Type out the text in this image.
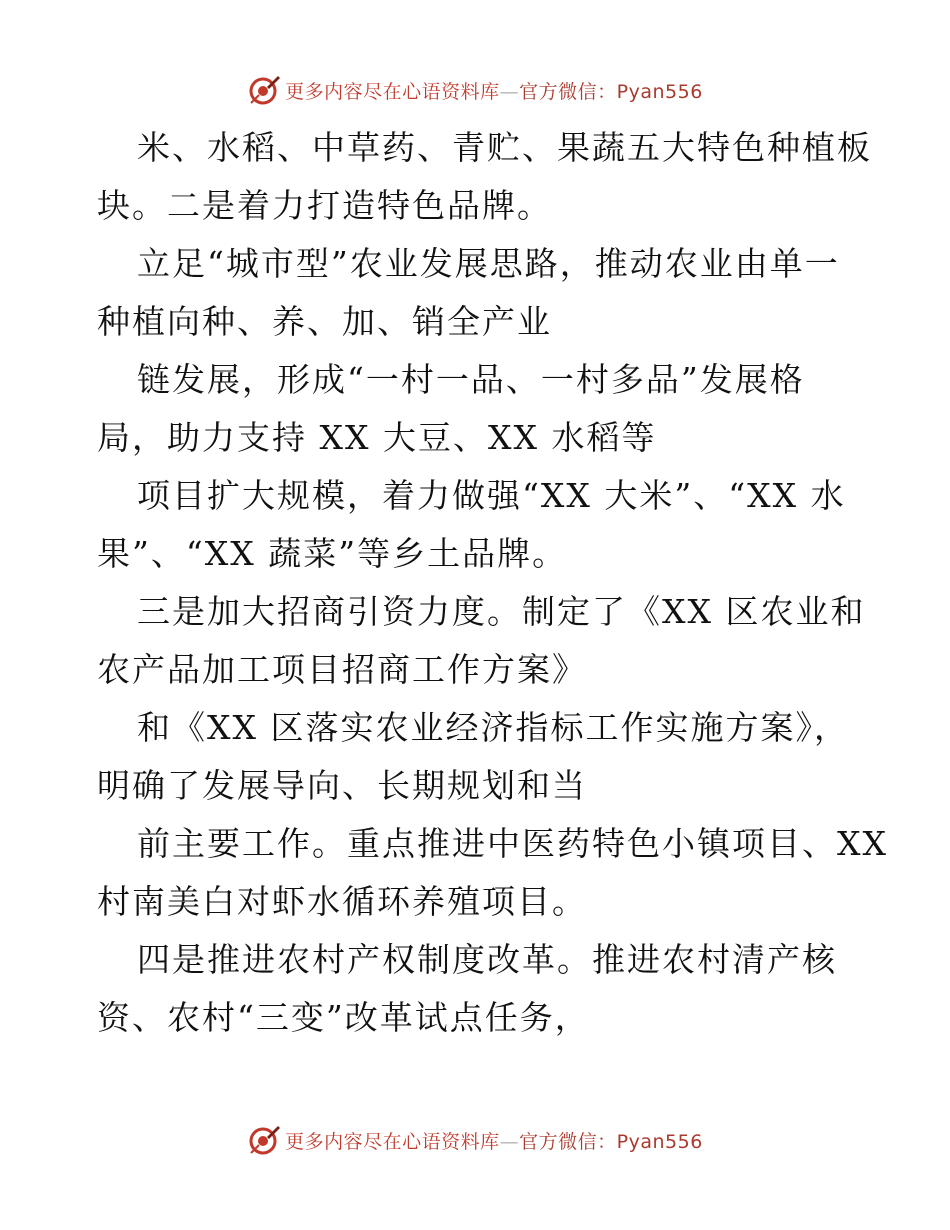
更多内容尽在心语资料库—官方微信：Pyan556
米、水稻、中草药、青贮、果蔬五大特色种植板
块。二是着力打造特色品牌。
立足“城市型”农业发展思路，推动农业由单一
种植向种、养、加、销全产业
链发展，形成“一村一品、一村多品”发展格
局，助力支持 XX 大豆、XX 水稻等
项目扩大规模，着力做强“XX 大米”、“XX 水
果”、“XX 蔬菜”等乡土品牌。
三是加大招商引资力度。制定了《XX 区农业和
农产品加工项目招商工作方案》
和《XX 区落实农业经济指标工作实施方案》，
明确了发展导向、长期规划和当
前主要工作。重点推进中医药特色小镇项目、XX
村南美白对虾水循环养殖项目。
四是推进农村产权制度改革。推进农村清产核
资、农村“三变”改革试点任务，
更多内容尽在心语资料库—官方微信：Pyan556
